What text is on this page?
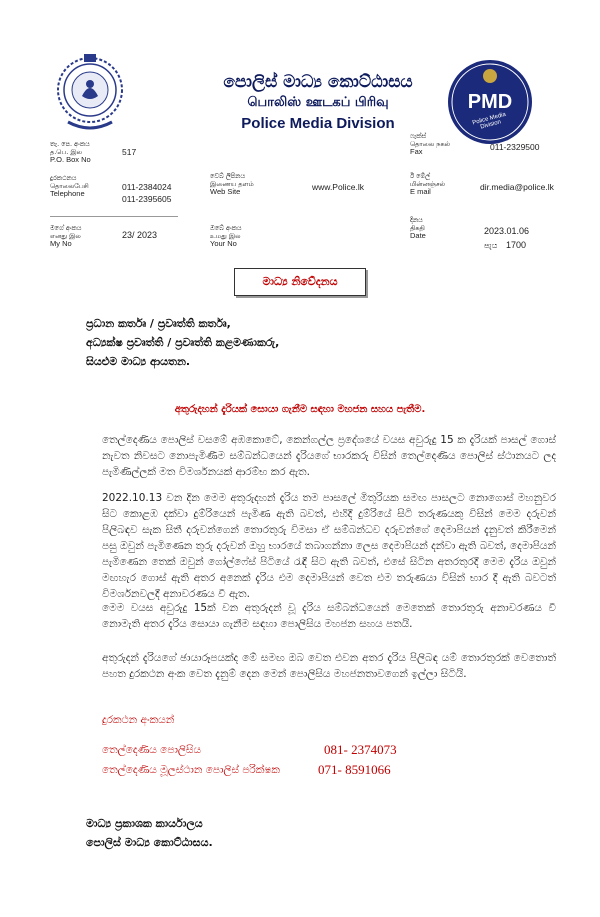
පොලිස් මාධ්‍ය කොට්ඨාසය
பொலிஸ் ஊடகப் பிரிவு
Police Media Division
PMD
Police Media Division
තැ. පෙ. අංකය
த.பெ. இல
P.O. Box No
517
දුරකථනය
தொலைபேசி
Telephone
011-2384024
011-2395605
මගේ අංකය
எனது இல
My No
23/ 2023
වෙබ් ලිපිනය
இணைய தளம்
Web Site	www.Police.lk
ඔබේ අංකය
உமது இல
Your No
ෆැක්ස්
தொலை நகல்
Fax	011-2329500
ඊ මේල්
மின்னஞ்சல்
E mail	dir.media@police.lk
දිනය
திகதி
Date	2023.01.06
පැය 1700
මාධ්‍ය නිවේදනය
ප්‍රධාන කර්තෘ / ප්‍රවෘත්ති කර්තෘ,
අධ්‍යක්ෂ ප්‍රවෘත්ති / ප්‍රවෘත්ති කළමණාකරු,
සියළුම මාධ්‍ය ආයතන.
අතුරුදහන් දැරියක් සොයා ගැනීම සඳහා මහජන සහය පැතීම.
තෙල්දෙණිය පොලිස් වසමේ අඹකොටේ, කෙන්ගල්ල ප්‍රදේශයේ වයස අවුරුදු 15 ක දැරියක් පාසල් ගොස් නැවත නිවසට නොපැමිණීම සම්බන්ධයෙන් දැරියගේ භාරකරු විසින් තෙල්දෙණිය පොලිස් ස්ථානයට ලද පැමිණිල්ලක් මත විමර්ශනයක් ආරම්භ කර ඇත.
2022.10.13 වන දින මෙම අතුරුදහන් දැරිය තම පාසලේ මිතුරියක සමඟ පාසලට නොගොස් මහනුවර සිට කොළඹ දක්වා දුම්රියෙන් පැමිණ ඇති බවත්, එහිදී දුම්රියේ සිටි තරුණයකු විසින් මෙම දරුවන් පිලිබඳව සැක සිතී දරුවන්ගෙන් තොරතුරු විමසා ඒ සම්බන්ධව දරුවන්ගේ දෙමාපියන් දැනුවත් කිරීමෙන් පසු ඔවුන් පැමිණෙන තුරු දරුවන් ඔහු භාරයේ තබාගන්නා ලෙස දෙමාපියන් දන්වා ඇති බවත්, දෙමාපියන් පැමිණෙන තෙක් ඔවුන් ගෝල්ෆේස් පිටියේ රැඳී සිට ඇති බවත්, එසේ සිටින අතරතුරදී මෙම දැරිය ඔවුන් මඟහැර ගොස් ඇති අතර අනෙක් දැරිය එම දෙමාපියන් වෙත එම තරුණයා විසින් භාර දී ඇති බවටත් විමර්ශනවලදී අනාවරණය වී ඇත.
මෙම වයස අවුරුදු 15ක් වන අතුරුදන් වූ දැරිය සම්බන්ධයෙන් මෙතෙක් තොරතුරු අනාවරණය වී නොමැති අතර දැරිය සොයා ගැනීම සඳහා පොලිසිය මහජන සහය පතයි.
අතුරුදන් දැරියගේ ඡායාරූපයක්ද මේ සමඟ ඔබ වෙත එවන අතර දැරිය පිලිබඳ යම් තොරතුරක් වෙතොත් පහත දුරකථන අංක වෙත දැනුම් දෙන මෙන් පොලිසිය මහජනතාවගෙන් ඉල්ලා සිටියි.
දුරකථන අංකයන්
තෙල්දෙණිය පොලිසිය	081- 2374073
තෙල්දෙණිය මූලස්ථාන පොලිස් පරික්ෂක	071- 8591066
මාධ්‍ය ප්‍රකාශක කාර්යාලය
පොලිස් මාධ්‍ය කොට්ඨාසය.
